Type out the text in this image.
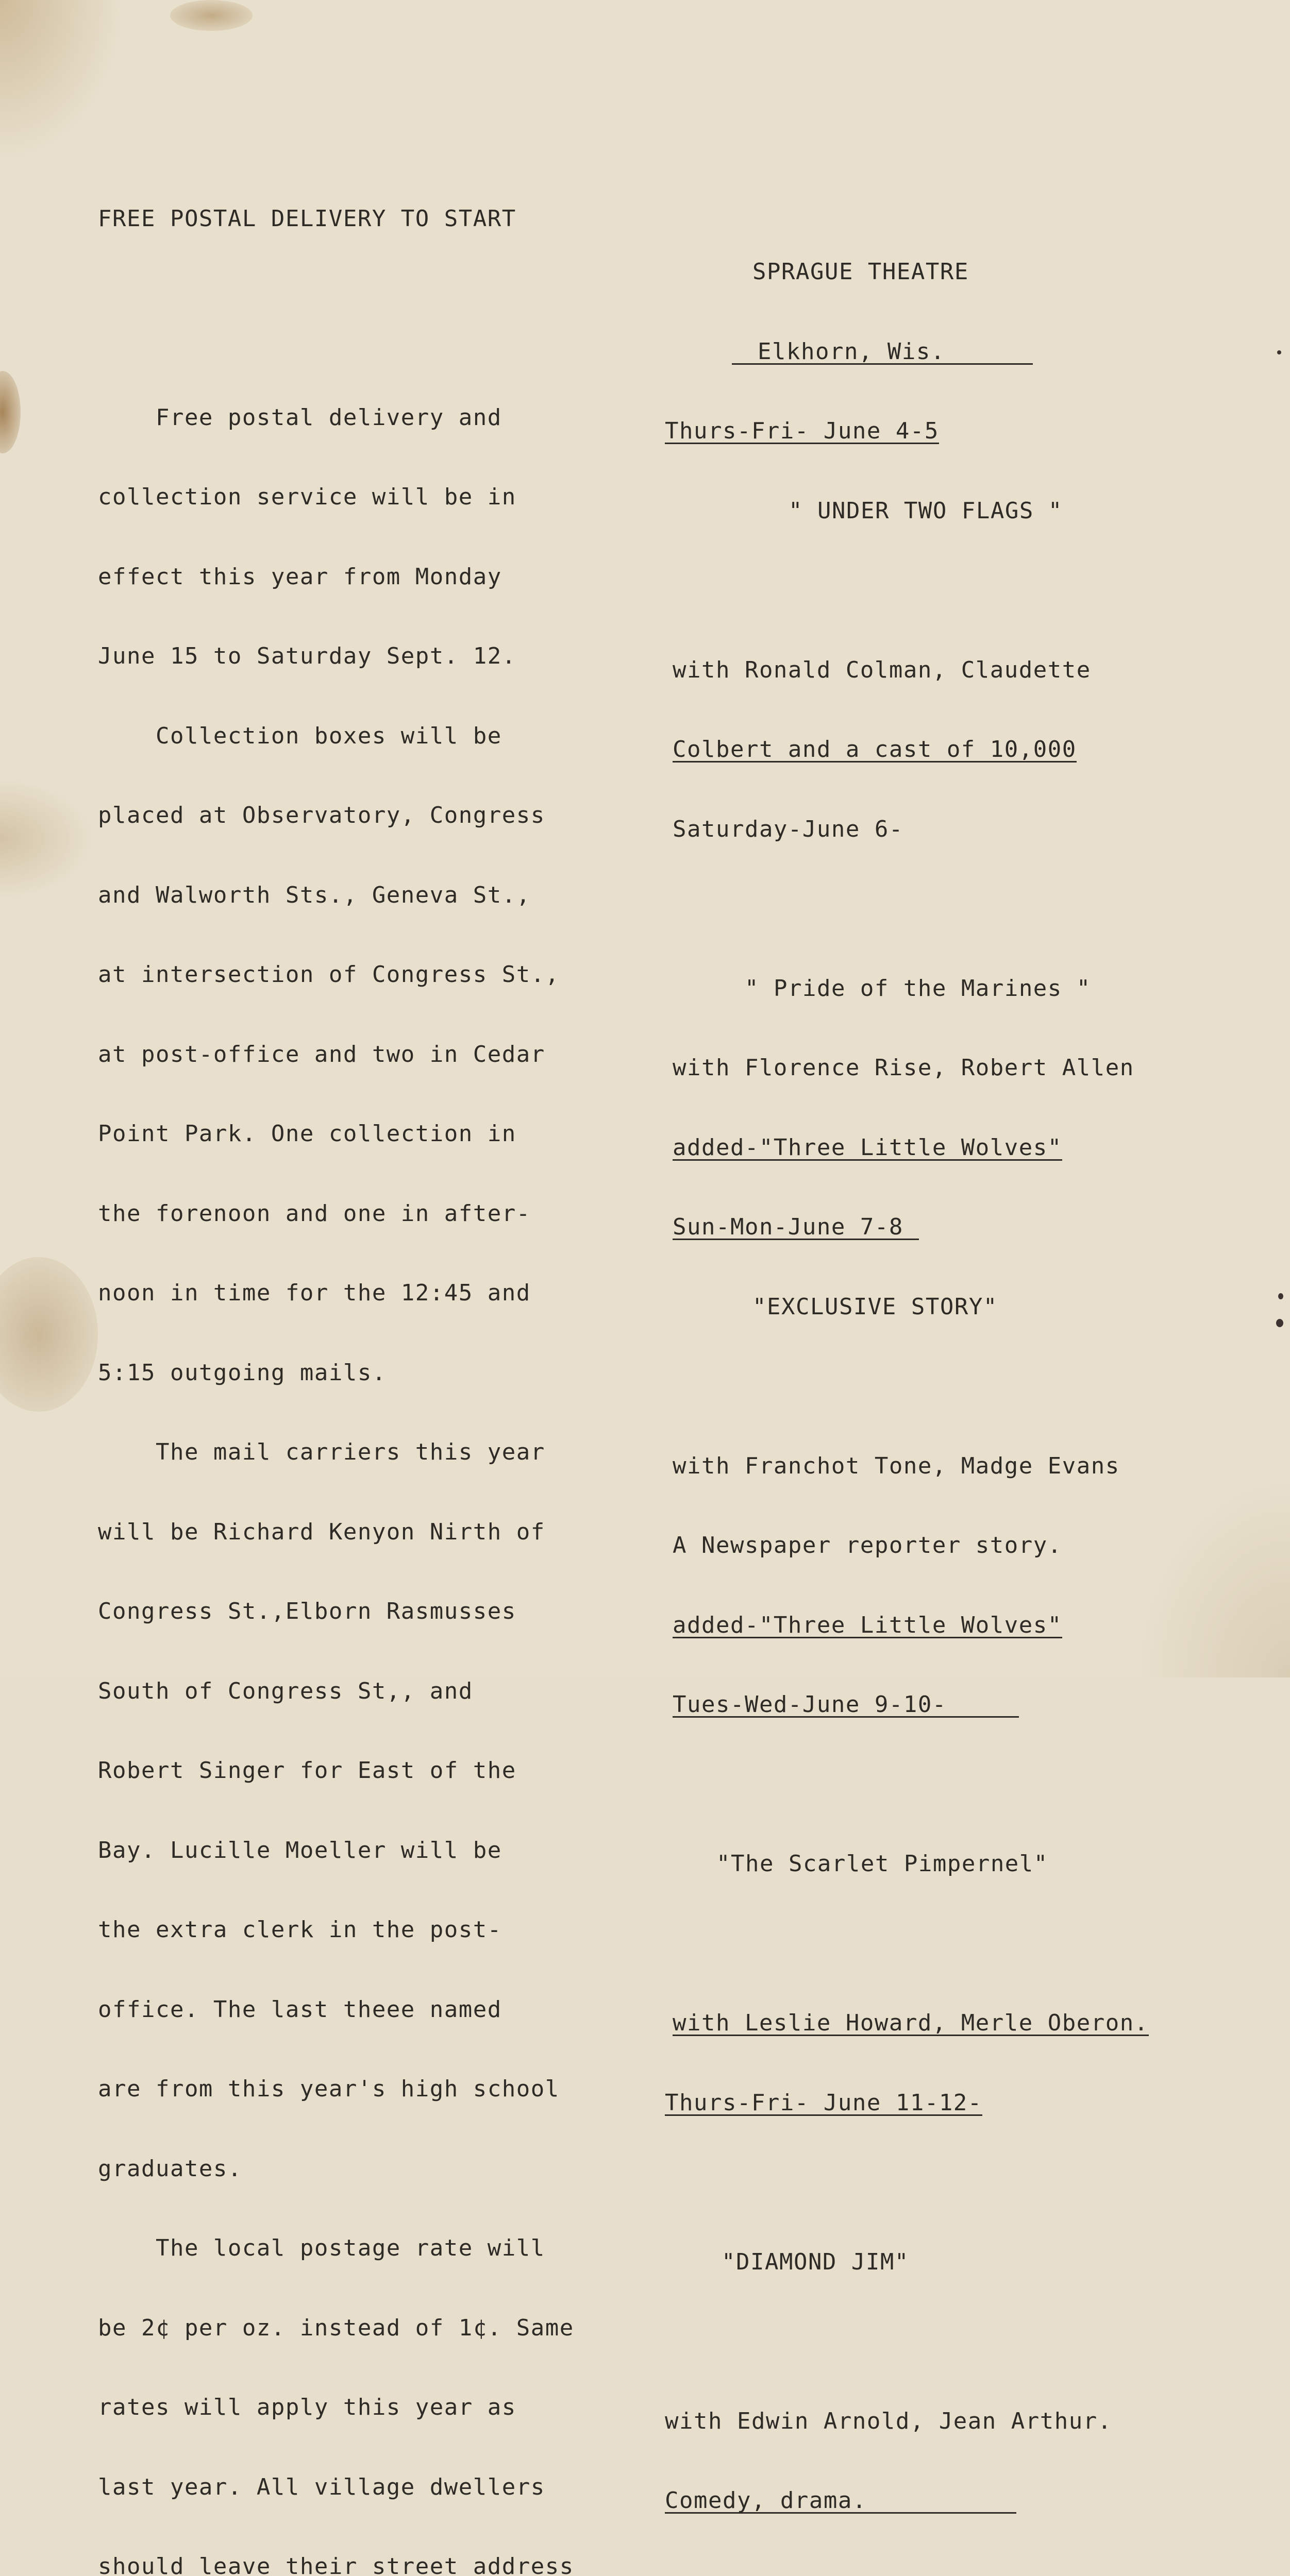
FREE POSTAL DELIVERY TO START

Free postal delivery and

collection service will be in

effect this year from Monday

June 15 to Saturday Sept. 12.

Collection boxes will be

placed at Observatory, Congress

and Walworth Sts., Geneva St.,

at intersection of Congress St.,

at post-office and two in Cedar

Point Park. One collection in

the forenoon and one in after-

noon in time for the 12:45 and

5:15 outgoing mails.

The mail carriers this year

will be Richard Kenyon Nirth of

Congress St.,Elborn Rasmusses

South of Congress St,, and

Robert Singer for East of the

Bay. Lucille Moeller will be

the extra clerk in the post-

office. The last theee named

are from this year's high school

graduates.

The local postage rate will

be 2¢ per oz. instead of 1¢. Same

rates will apply this year as

last year. All village dwellers

should leave their street address

SPRAGUE THEATRE

Elkhorn, Wis.

Thurs-Fri- June 4-5

" UNDER TWO FLAGS "

with Ronald Colman, Claudette

Colbert and a cast of 10,000

Saturday-June 6-

" Pride of the Marines "

with Florence Rise, Robert Allen

added-"Three Little Wolves"

Sun-Mon-June 7-8

"EXCLUSIVE STORY"

with Franchot Tone, Madge Evans

A Newspaper reporter story.

added-"Three Little Wolves"

Tues-Wed-June 9-10-

"The Scarlet Pimpernel"

with Leslie Howard, Merle Oberon.

Thurs-Fri- June 11-12-

"DIAMOND JIM"

with Edwin Arnold, Jean Arthur.

Comedy, drama.
